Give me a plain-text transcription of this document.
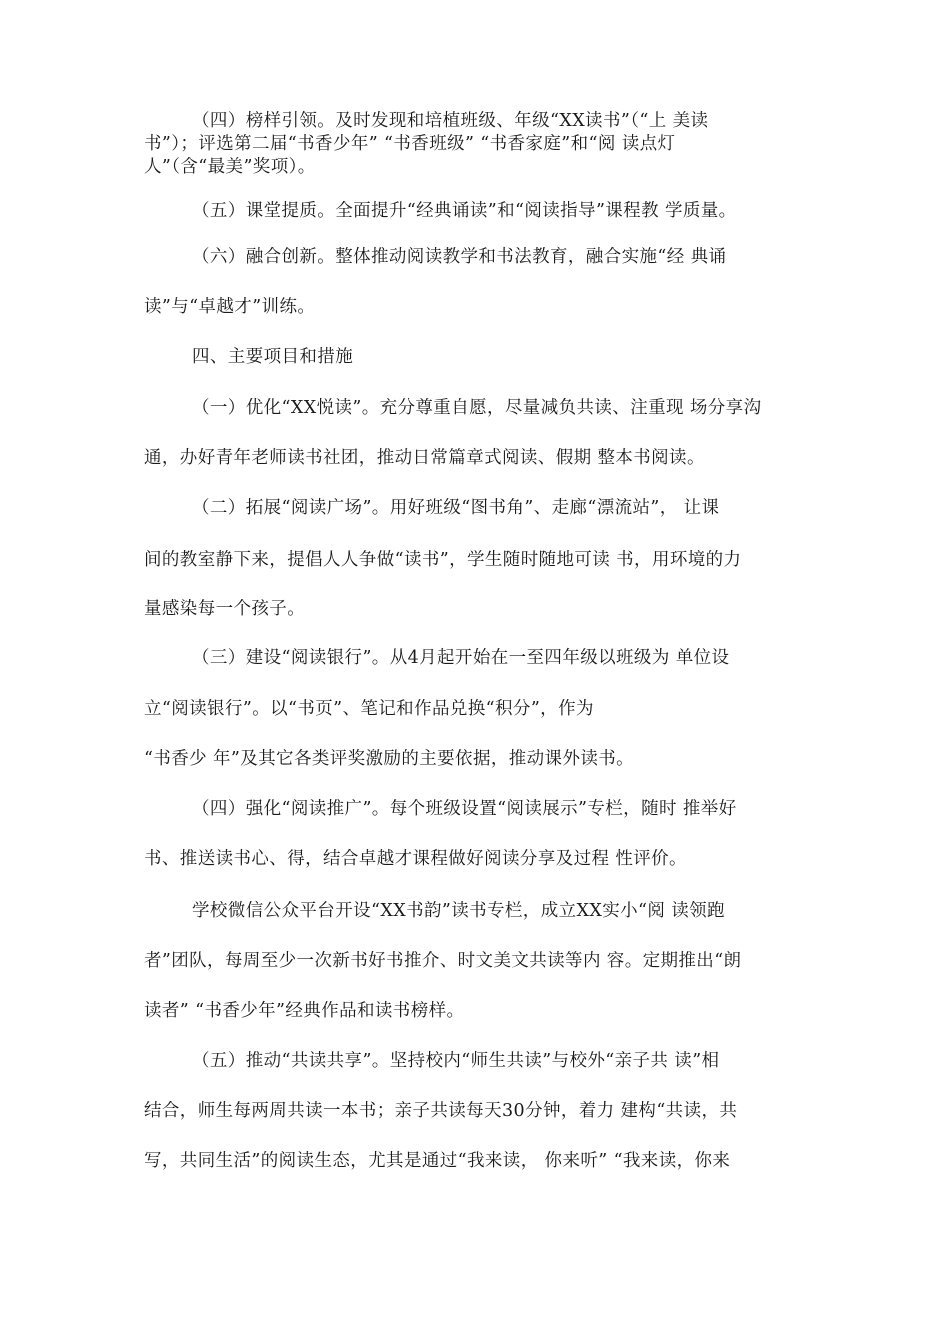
（四）榜样引领。及时发现和培植班级、年级“XX读书”（“上 美读
书”）；评选第二届“书香少年” “书香班级” “书香家庭”和“阅 读点灯
人”（含“最美”奖项）。
（五）课堂提质。全面提升“经典诵读”和“阅读指导”课程教 学质量。
（六）融合创新。整体推动阅读教学和书法教育，融合实施“经 典诵
读”与“卓越才”训练。
四、主要项目和措施
（一）优化“XX悦读”。充分尊重自愿，尽量减负共读、注重现 场分享沟
通，办好青年老师读书社团，推动日常篇章式阅读、假期 整本书阅读。
（二）拓展“阅读广场”。用好班级“图书角”、走廊“漂流站”， 让课
间的教室静下来，提倡人人争做“读书”，学生随时随地可读 书，用环境的力
量感染每一个孩子。
（三）建设“阅读银行”。从4月起开始在一至四年级以班级为 单位设
立“阅读银行”。以“书页”、笔记和作品兑换“积分”，作为
“书香少 年”及其它各类评奖激励的主要依据，推动课外读书。
（四）强化“阅读推广”。每个班级设置“阅读展示”专栏，随时 推举好
书、推送读书心、得，结合卓越才课程做好阅读分享及过程 性评价。
学校微信公众平台开设“XX书韵”读书专栏，成立XX实小“阅 读领跑
者”团队，每周至少一次新书好书推介、时文美文共读等内 容。定期推出“朗
读者” “书香少年”经典作品和读书榜样。
（五）推动“共读共享”。坚持校内“师生共读”与校外“亲子共 读”相
结合，师生每两周共读一本书；亲子共读每天30分钟，着力 建构“共读，共
写，共同生活”的阅读生态，尤其是通过“我来读， 你来听” “我来读，你来
